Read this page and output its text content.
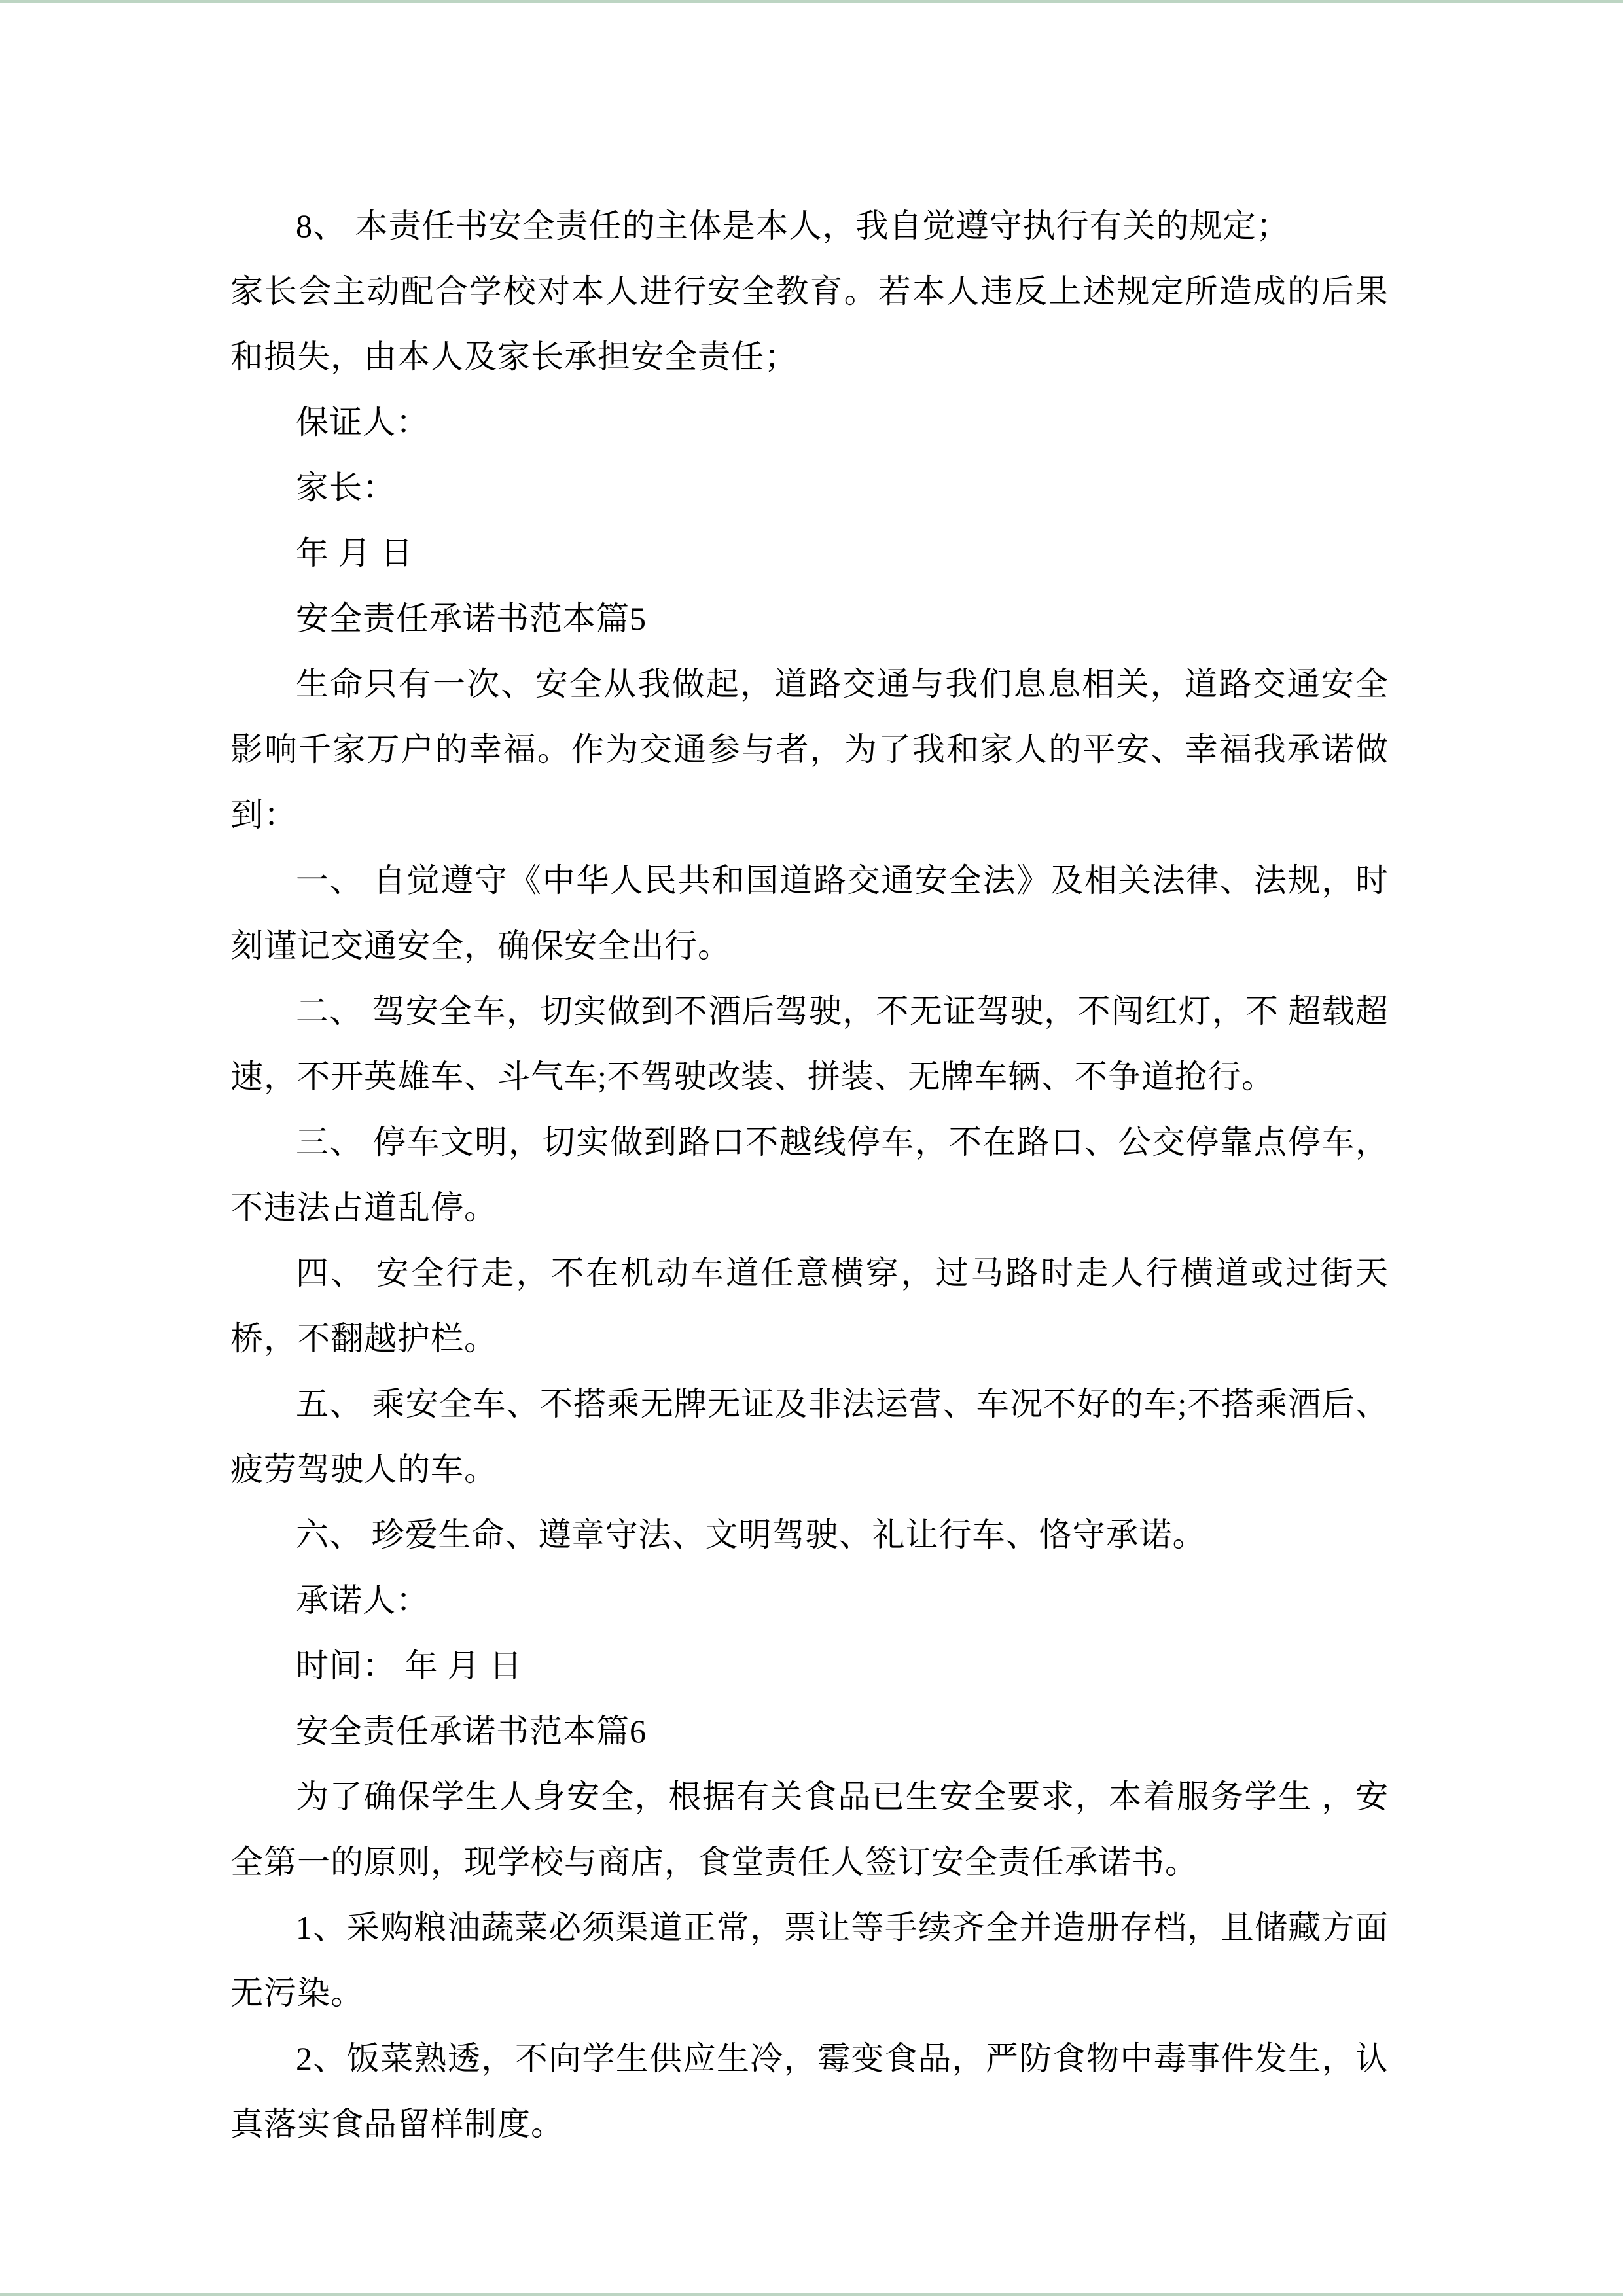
8、 本责任书安全责任的主体是本人，我自觉遵守执行有关的规定；

家长会主动配合学校对本人进行安全教育。若本人违反上述规定所造成的后果和损失，由本人及家长承担安全责任；

保证人：

家长：

年 月 日

安全责任承诺书范本篇5

生命只有一次、安全从我做起，道路交通与我们息息相关，道路交通安全影响千家万户的幸福。作为交通参与者，为了我和家人的平安、幸福我承诺做到：

一、 自觉遵守《中华人民共和国道路交通安全法》及相关法律、法规，时刻谨记交通安全，确保安全出行。

二、 驾安全车，切实做到不酒后驾驶，不无证驾驶，不闯红灯，不 超载超速，不开英雄车、斗气车;不驾驶改装、拼装、无牌车辆、不争道抢行。

三、 停车文明，切实做到路口不越线停车，不在路口、公交停靠点停车，不违法占道乱停。

四、 安全行走，不在机动车道任意横穿，过马路时走人行横道或过街天桥，不翻越护栏。

五、 乘安全车、不搭乘无牌无证及非法运营、车况不好的车;不搭乘酒后、疲劳驾驶人的车。

六、 珍爱生命、遵章守法、文明驾驶、礼让行车、恪守承诺。

承诺人：

时间： 年 月 日

安全责任承诺书范本篇6

为了确保学生人身安全，根据有关食品已生安全要求，本着服务学生 ，安全第一的原则，现学校与商店，食堂责任人签订安全责任承诺书。

1、采购粮油蔬菜必须渠道正常，票让等手续齐全并造册存档，且储藏方面无污染。

2、饭菜熟透，不向学生供应生冷，霉变食品，严防食物中毒事件发生，认真落实食品留样制度。
